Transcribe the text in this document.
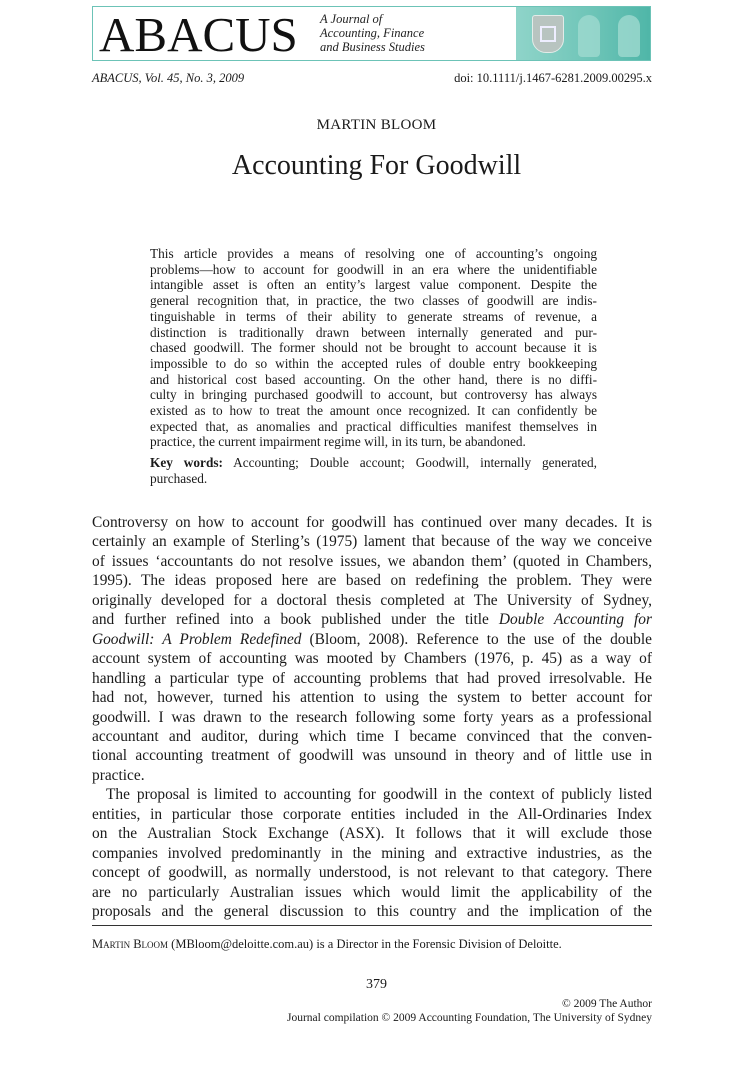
ABACUS A Journal of
Accounting, Finance
and Business Studies
ABACUS, Vol. 45, No. 3, 2009	doi: 10.1111/j.1467-6281.2009.00295.x
MARTIN BLOOM
Accounting For Goodwill
This article provides a means of resolving one of accounting’s ongoing
problems—how to account for goodwill in an era where the unidentifiable
intangible asset is often an entity’s largest value component. Despite the
general recognition that, in practice, the two classes of goodwill are indis-
tinguishable in terms of their ability to generate streams of revenue, a
distinction is traditionally drawn between internally generated and pur-
chased goodwill. The former should not be brought to account because it is
impossible to do so within the accepted rules of double entry bookkeeping
and historical cost based accounting. On the other hand, there is no diffi-
culty in bringing purchased goodwill to account, but controversy has always
existed as to how to treat the amount once recognized. It can confidently be
expected that, as anomalies and practical difficulties manifest themselves in
practice, the current impairment regime will, in its turn, be abandoned.
Key words: Accounting; Double account; Goodwill, internally generated,
purchased.
Controversy on how to account for goodwill has continued over many decades. It is
certainly an example of Sterling’s (1975) lament that because of the way we conceive
of issues ‘accountants do not resolve issues, we abandon them’ (quoted in Chambers,
1995). The ideas proposed here are based on redefining the problem. They were
originally developed for a doctoral thesis completed at The University of Sydney,
and further refined into a book published under the title Double Accounting for
Goodwill: A Problem Redefined (Bloom, 2008). Reference to the use of the double
account system of accounting was mooted by Chambers (1976, p. 45) as a way of
handling a particular type of accounting problems that had proved irresolvable. He
had not, however, turned his attention to using the system to better account for
goodwill. I was drawn to the research following some forty years as a professional
accountant and auditor, during which time I became convinced that the conven-
tional accounting treatment of goodwill was unsound in theory and of little use in
practice.
The proposal is limited to accounting for goodwill in the context of publicly listed
entities, in particular those corporate entities included in the All-Ordinaries Index
on the Australian Stock Exchange (ASX). It follows that it will exclude those
companies involved predominantly in the mining and extractive industries, as the
concept of goodwill, as normally understood, is not relevant to that category. There
are no particularly Australian issues which would limit the applicability of the
proposals and the general discussion to this country and the implication of the
Martin Bloom (MBloom@deloitte.com.au) is a Director in the Forensic Division of Deloitte.
379
© 2009 The Author
Journal compilation © 2009 Accounting Foundation, The University of Sydney
